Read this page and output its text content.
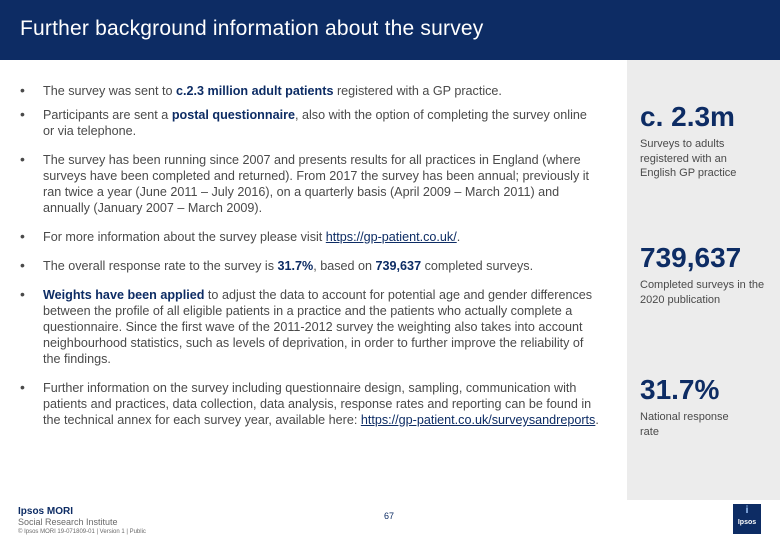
Further background information about the survey
• The survey was sent to c.2.3 million adult patients registered with a GP practice.
• Participants are sent a postal questionnaire, also with the option of completing the survey online or via telephone.
• The survey has been running since 2007 and presents results for all practices in England (where surveys have been completed and returned). From 2017 the survey has been annual; previously it ran twice a year (June 2011 – July 2016), on a quarterly basis (April 2009 – March 2011) and annually (January 2007 – March 2009).
• For more information about the survey please visit https://gp-patient.co.uk/.
• The overall response rate to the survey is 31.7%, based on 739,637 completed surveys.
• Weights have been applied to adjust the data to account for potential age and gender differences between the profile of all eligible patients in a practice and the patients who actually complete a questionnaire. Since the first wave of the 2011-2012 survey the weighting also takes into account neighbourhood statistics, such as levels of deprivation, in order to further improve the reliability of the findings.
• Further information on the survey including questionnaire design, sampling, communication with patients and practices, data collection, data analysis, response rates and reporting can be found in the technical annex for each survey year, available here: https://gp-patient.co.uk/surveysandreports.
c. 2.3m
Surveys to adults registered with an English GP practice
739,637
Completed surveys in the 2020 publication
31.7%
National response rate
Ipsos MORI
Social Research Institute
© Ipsos MORI 19-071809-01 | Version 1 | Public
67	i
Ipsos
